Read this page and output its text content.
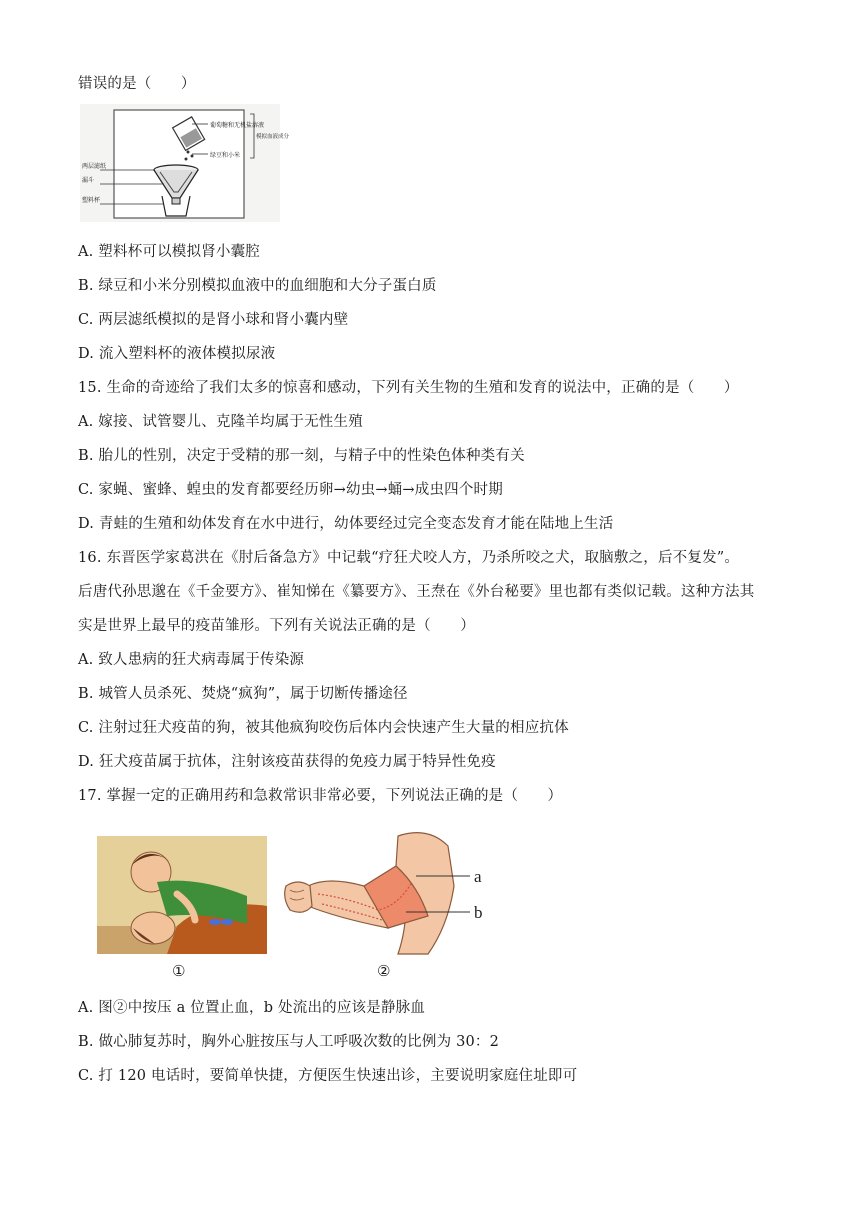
错误的是（　　）
葡萄糖和无机盐溶液
绿豆和小米
模拟血液成分
两层滤纸
漏斗
塑料杯
A. 塑料杯可以模拟肾小囊腔
B. 绿豆和小米分别模拟血液中的血细胞和大分子蛋白质
C. 两层滤纸模拟的是肾小球和肾小囊内壁
D. 流入塑料杯的液体模拟尿液
15. 生命的奇迹给了我们太多的惊喜和感动，下列有关生物的生殖和发育的说法中，正确的是（　　）
A. 嫁接、试管婴儿、克隆羊均属于无性生殖
B. 胎儿的性别，决定于受精的那一刻，与精子中的性染色体种类有关
C. 家蝇、蜜蜂、蝗虫的发育都要经历卵→幼虫→蛹→成虫四个时期
D. 青蛙的生殖和幼体发育在水中进行，幼体要经过完全变态发育才能在陆地上生活
16. 东晋医学家葛洪在《肘后备急方》中记载“疗狂犬咬人方，乃杀所咬之犬，取脑敷之，后不复发”。
后唐代孙思邈在《千金要方》、崔知悌在《纂要方》、王焘在《外台秘要》里也都有类似记载。这种方法其
实是世界上最早的疫苗雏形。下列有关说法正确的是（　　）
A. 致人患病的狂犬病毒属于传染源
B. 城管人员杀死、焚烧“疯狗”，属于切断传播途径
C. 注射过狂犬疫苗的狗，被其他疯狗咬伤后体内会快速产生大量的相应抗体
D. 狂犬疫苗属于抗体，注射该疫苗获得的免疫力属于特异性免疫
17. 掌握一定的正确用药和急救常识非常必要，下列说法正确的是（　　）
①
a
b
②
A. 图②中按压 a 位置止血，b 处流出的应该是静脉血
B. 做心肺复苏时，胸外心脏按压与人工呼吸次数的比例为 30：2
C. 打 120 电话时，要简单快捷，方便医生快速出诊，主要说明家庭住址即可
